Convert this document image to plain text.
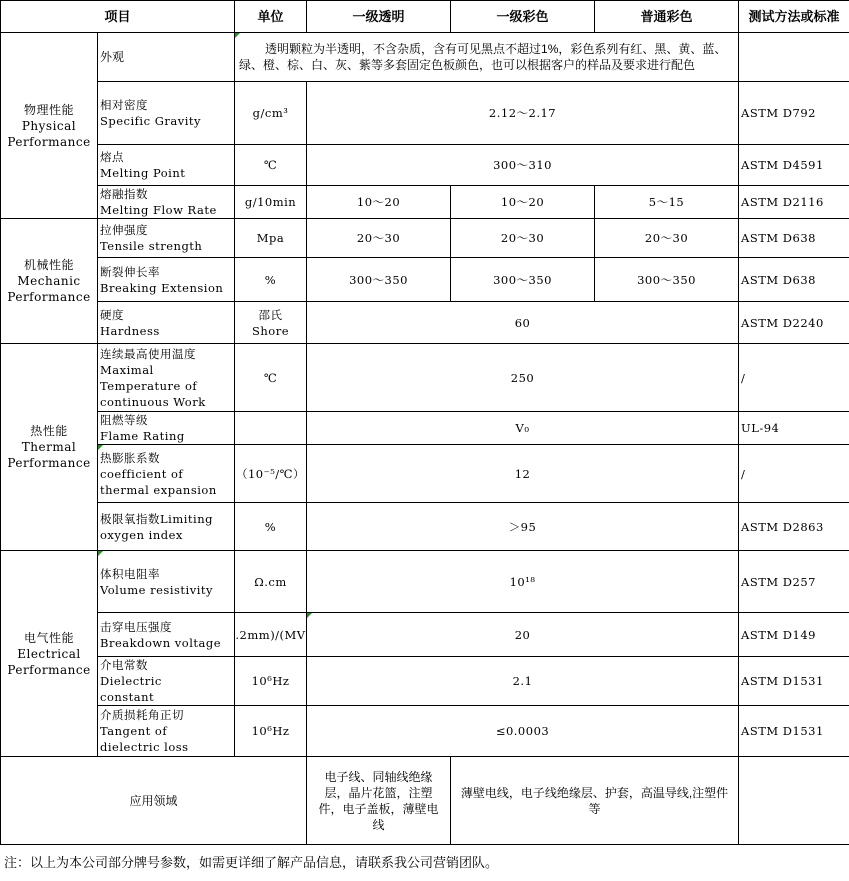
项目		单位	一级透明	一级彩色	普通彩色	测试方法或标准
物理性能
Physical
Performance	外观	透明颗粒为半透明，不含杂质，含有可见黑点不超过1%，彩色系列有红、黑、黄、蓝、绿、橙、棕、白、灰、紫等多套固定色板颜色，也可以根据客户的样品及要求进行配色				
	相对密度
Specific Gravity	g/cm³	2.12～2.17			ASTM D792
	熔点
Melting Point	℃	300～310			ASTM D4591
	熔融指数
Melting Flow Rate	g/10min	10～20	10～20	5～15	ASTM D2116
机械性能
Mechanic
Performance	拉伸强度
Tensile strength	Mpa	20～30	20～30	20～30	ASTM D638
	断裂伸长率
Breaking Extension	%	300～350	300～350	300～350	ASTM D638
	硬度
Hardness	邵氏
Shore	60			ASTM D2240
热性能
Thermal
Performance	连续最高使用温度
Maximal
Temperature of
continuous Work	℃	250			/
	阻燃等级
Flame Rating		V₀			UL-94
	热膨胀系数
coefficient of
thermal expansion	（10⁻⁵/℃）	12			/
	极限氧指数Limiting
oxygen index	%	＞95			ASTM D2863
电气性能
Electrical
Performance	体积电阻率
Volume resistivity	Ω.cm	10¹⁸			ASTM D257
	击穿电压强度
Breakdown voltage	.2mm)/(MV	20			ASTM D149
	介电常数
Dielectric
constant	10⁶Hz	2.1			ASTM D1531
	介质损耗角正切
Tangent of
dielectric loss	10⁶Hz	≤0.0003			ASTM D1531
应用领域			电子线、同轴线绝缘层，晶片花篮，注塑件，电子盖板，薄壁电线	薄壁电线，电子线绝缘层、护套，高温导线,注塑件等		
注：以上为本公司部分牌号参数，如需更详细了解产品信息，请联系我公司营销团队。
